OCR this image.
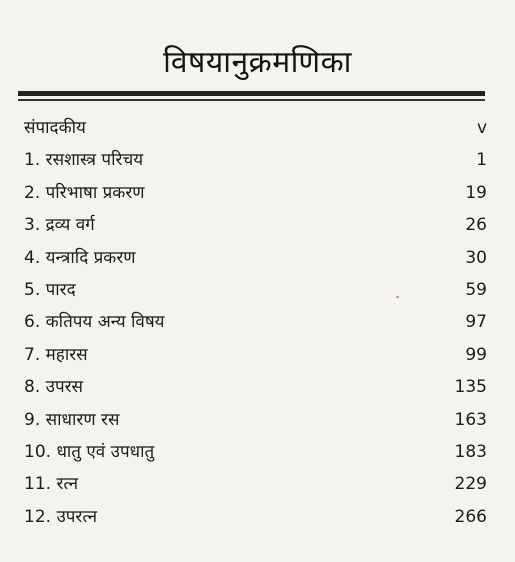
विषयानुक्रमणिका
संपादकीय	v
1. रसशास्त्र परिचय	1
2. परिभाषा प्रकरण	19
3. द्रव्य वर्ग	26
4. यन्त्रादि प्रकरण	30
5. पारद	59
6. कतिपय अन्य विषय	97
7. महारस	99
8. उपरस	135
9. साधारण रस	163
10. धातु एवं उपधातु	183
11. रत्न	229
12. उपरत्न	266
